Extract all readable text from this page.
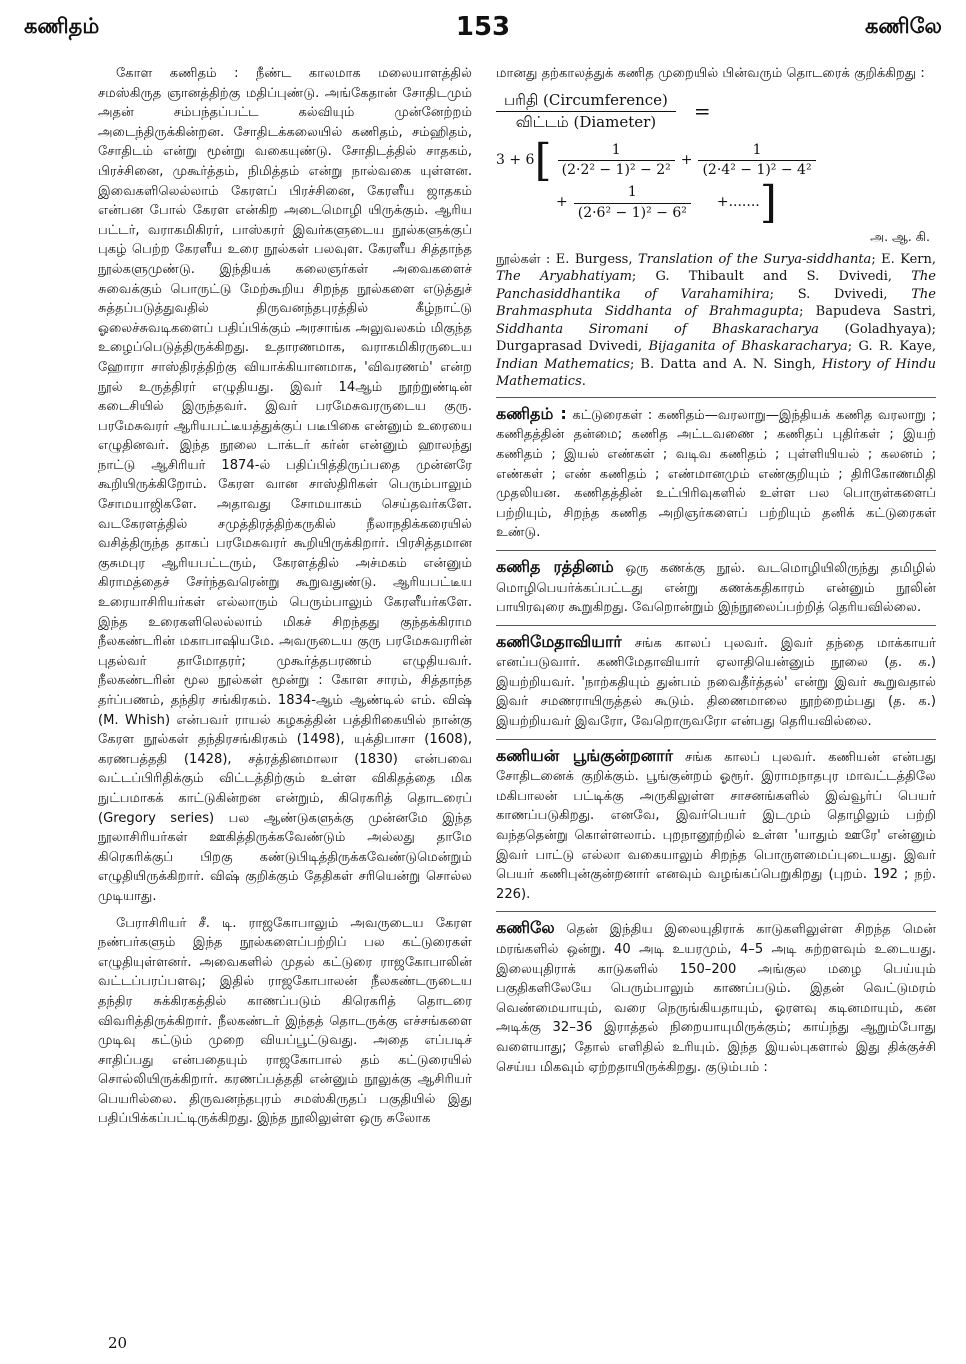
கணிதம்	153	கணிலே

கோள கணிதம் : நீண்ட காலமாக மலையாளத்தில் சமஸ்கிருத ஞானத்திற்கு மதிப்புண்டு. அங்கேதான் சோதிடமும் அதன் சம்பந்தப்பட்ட கல்வியும் முன்னேற்றம் அடைந்திருக்கின்றன. சோதிடக்கலையில் கணிதம், சம்ஹிதம், சோதிடம் என்று மூன்று வகையுண்டு. சோதிடத்தில் சாதகம், பிரச்சினை, முகூர்த்தம், நிமித்தம் என்று நால்வகை யுள்ளன. இவைகளிலெல்லாம் கேரளப் பிரச்சினை, கேரளீய ஜாதகம் என்பன போல் கேரள என்கிற அடைமொழி யிருக்கும். ஆரிய பட்டர், வராகமிகிரர், பாஸ்கரர் இவர்களுடைய நூல்களுக்குப் புகழ் பெற்ற கேரளீய உரை நூல்கள் பலவுள. கேரளீய சித்தாந்த நூல்களுமுண்டு. இந்தியக் கலைஞர்கள் அவைகளைச் சுவைக்கும் பொருட்டு மேற்கூறிய சிறந்த நூல்களை எடுத்துச் சுத்தப்படுத்துவதில் திருவனந்தபுரத்தில் கீழ்நாட்டு ஓலைச்சுவடிகளைப் பதிப்பிக்கும் அரசாங்க அலுவலகம் மிகுந்த உழைப்பெடுத்திருக்கிறது. உதாரணமாக, வராகமிகிரருடைய ஹோரா சாஸ்திரத்திற்கு வியாக்கியானமாக, 'விவரணம்' என்ற நூல் உருத்திரர் எழுதியது. இவர் 14ஆம் நூற்றுண்டின் கடைசியில் இருந்தவர். இவர் பரமேசுவரருடைய குரு. பரமேசுவரர் ஆரியபட்டீயத்துக்குப் படீபிகை என்னும் உரையை எழுதினவர். இந்த நூலை டாக்டர் கர்ன் என்னும் ஹாலந்து நாட்டு ஆசிரியர் 1874-ல் பதிப்பித்திருப்பதை முன்னரே கூறியிருக்கிறோம். கேரள வான சாஸ்திரிகள் பெரும்பாலும் சோமயாஜிகளே. அதாவது சோமயாகம் செய்தவர்களே. வடகேரளத்தில் சமுத்திரத்திற்கருகில் நீலாநதிக்கரையில் வசித்திருந்த தாகப் பரமேசுவரர் கூறியிருக்கிறார். பிரசித்தமான குசுமபுர ஆரியபட்டரும், கேரளத்தில் அச்மகம் என்னும் கிராமத்தைச் சேர்ந்தவரென்று கூறுவதுண்டு. ஆரியபட்டீய உரையாசிரியர்கள் எல்லாரும் பெரும்பாலும் கேரளீயர்களே. இந்த உரைகளிலெல்லாம் மிகச் சிறந்தது குந்தக்கிராம நீலகண்டரின் மகாபாஷியமே. அவருடைய குரு பரமேசுவரரின் புதல்வர் தாமோதரர்; முகூர்த்தபரணம் எழுதியவர். நீலகண்டரின் மூல நூல்கள் மூன்று : கோள சாரம், சித்தாந்த தர்ப்பணம், தந்திர சங்கிரகம். 1834-ஆம் ஆண்டில் எம். விஷ் (M. Whish) என்பவர் ராயல் கழகத்தின் பத்திரிகையில் நான்கு கேரள நூல்கள் தந்திரசங்கிரகம் (1498), யுக்திபாசா (1608), கரணபத்ததி (1428), சத்ரத்தினமாலா (1830) என்பவை வட்டப்பிரிதிக்கும் விட்டத்திற்கும் உள்ள விகிதத்தை மிக நுட்பமாகக் காட்டுகின்றன என்றும், கிரெகரித் தொடரைப் (Gregory series) பல ஆண்டுகளுக்கு முன்னமே இந்த நூலாசிரியர்கள் ஊகித்திருக்கவேண்டும் அல்லது தாமே கிரெகரிக்குப் பிறகு கண்டுபிடித்திருக்கவேண்டுமென்றும் எழுதியிருக்கிறார். விஷ் குறிக்கும் தேதிகள் சரியென்று சொல்ல முடியாது.

பேராசிரியர் சீ. டி. ராஜகோபாலும் அவருடைய கேரள நண்பர்களும் இந்த நூல்களைப்பற்றிப் பல கட்டுரைகள் எழுதியுள்ளனர். அவைகளில் முதல் கட்டுரை ராஜகோபாலின் வட்டப்பரப்பளவு; இதில் ராஜகோபாலன் நீலகண்டருடைய தந்திர சுக்கிரகத்தில் காணப்படும் கிரெகரித் தொடரை விவரித்திருக்கிறார். நீலகண்டர் இந்தத் தொடருக்கு எச்சங்களை முடிவு கட்டும் முறை வியப்பூட்டுவது. அதை எப்படிச் சாதிப்பது என்பதையும் ராஜகோபால் தம் கட்டுரையில் சொல்லியிருக்கிறார். கரணப்பத்ததி என்னும் நூலுக்கு ஆசிரியர் பெயரில்லை. திருவனந்தபுரம் சமஸ்கிருதப் பகுதியில் இது பதிப்பிக்கப்பட்டிருக்கிறது. இந்த நூலிலுள்ள ஒரு சுலோக

மானது தற்காலத்துக் கணித முறையில் பின்வரும் தொடரைக் குறிக்கிறது :

$\frac{\text{பரிதி (Circumference)}}{\text{விட்டம் (Diameter)}}$ =
3 + 6 [ $\frac{1}{\text{(2·2² − 1)² − 2²}} + \frac{1}{\text{(2·4² − 1)² − 4²}}$
+ $\frac{1}{\text{(2·6² − 1)² − 6²}}$ +....... ]
அ. ஆ. கி.
நூல்கள் : E. Burgess, Translation of the Surya-siddhanta; E. Kern, The Aryabhatiyam; G. Thibault and S. Dvivedi, The Panchasiddhantika of Varahamihira; S. Dvivedi, The Brahmasphuta Siddhanta of Brahmagupta; Bapudeva Sastri, Siddhanta Siromani of Bhaskaracharya (Goladhyaya); Durgaprasad Dvivedi, Bijaganita of Bhaskaracharya; G. R. Kaye, Indian Mathematics; B. Datta and A. N. Singh, History of Hindu Mathematics.

கணிதம் : கட்டுரைகள் : கணிதம்—வரலாறு—இந்தியக் கணித வரலாறு ; கணிதத்தின் தன்மை; கணித அட்டவணை ; கணிதப் புதிர்கள் ; இயற் கணிதம் ; இயல் எண்கள் ; வடிவ கணிதம் ; புள்ளியியல் ; கலனம் ; எண்கள் ; எண் கணிதம் ; எண்மானமும் எண்குறியும் ; திரிகோணமிதி முதலியன. கணிதத்தின் உட்பிரிவுகளில் உள்ள பல பொருள்களைப் பற்றியும், சிறந்த கணித அறிஞர்களைப் பற்றியும் தனிக் கட்டுரைகள் உண்டு.

கணித ரத்தினம் ஒரு கணக்கு நூல். வடமொழியிலிருந்து தமிழில் மொழிபெயர்க்கப்பட்டது என்று கணக்கதிகாரம் என்னும் நூலின் பாயிரவுரை கூறுகிறது. வேறொன்றும் இந்நூலைப்பற்றித் தெரியவில்லை.

கணிமேதாவியார் சங்க காலப் புலவர். இவர் தந்தை மாக்காயர் எனப்படுவார். கணிமேதாவியார் ஏலாதியென்னும் நூலை (த. க.) இயற்றியவர். 'நாற்கதியும் துன்பம் நவைதீர்த்தல்' என்று இவர் கூறுவதால் இவர் சமணராயிருத்தல் கூடும். திணைமாலை நூற்றைம்பது (த. க.) இயற்றியவர் இவரோ, வேறொருவரோ என்பது தெரியவில்லை.

கணியன் பூங்குன்றனார் சங்க காலப் புலவர். கணியன் என்பது சோதிடனைக் குறிக்கும். பூங்குன்றம் ஓரூர். இராமநாதபுர மாவட்டத்திலே மகிபாலன் பட்டிக்கு அருகிலுள்ள சாசனங்களில் இவ்வூர்ப் பெயர் காணப்படுகிறது. எனவே, இவர்பெயர் இடமும் தொழிலும் பற்றி வந்ததென்று கொள்ளலாம். புறநானூற்றில் உள்ள 'யாதும் ஊரே' என்னும் இவர் பாட்டு எல்லா வகையாலும் சிறந்த பொருளமைப்புடையது. இவர் பெயர் கணிபுன்குன்றனார் எனவும் வழங்கப்பெறுகிறது (புறம். 192 ; நற். 226).

கணிலே தென் இந்திய இலையுதிராக் காடுகளிலுள்ள சிறந்த மென் மரங்களில் ஒன்று. 40 அடி உயரமும், 4–5 அடி சுற்றளவும் உடையது. இலையுதிராக் காடுகளில் 150–200 அங்குல மழை பெய்யும் பகுதிகளிலேயே பெரும்பாலும் காணப்படும். இதன் வெட்டுமரம் வெண்மையாயும், வரை நெருங்கியதாயும், ஓரளவு கடினமாயும், கன அடிக்கு 32–36 இராத்தல் நிறையாயுமிருக்கும்; காய்ந்து ஆறும்போது வளையாது; தோல் எளிதில் உரியும். இந்த இயல்புகளால் இது திக்குச்சி செய்ய மிகவும் ஏற்றதாயிருக்கிறது. குடும்பம் :

20
